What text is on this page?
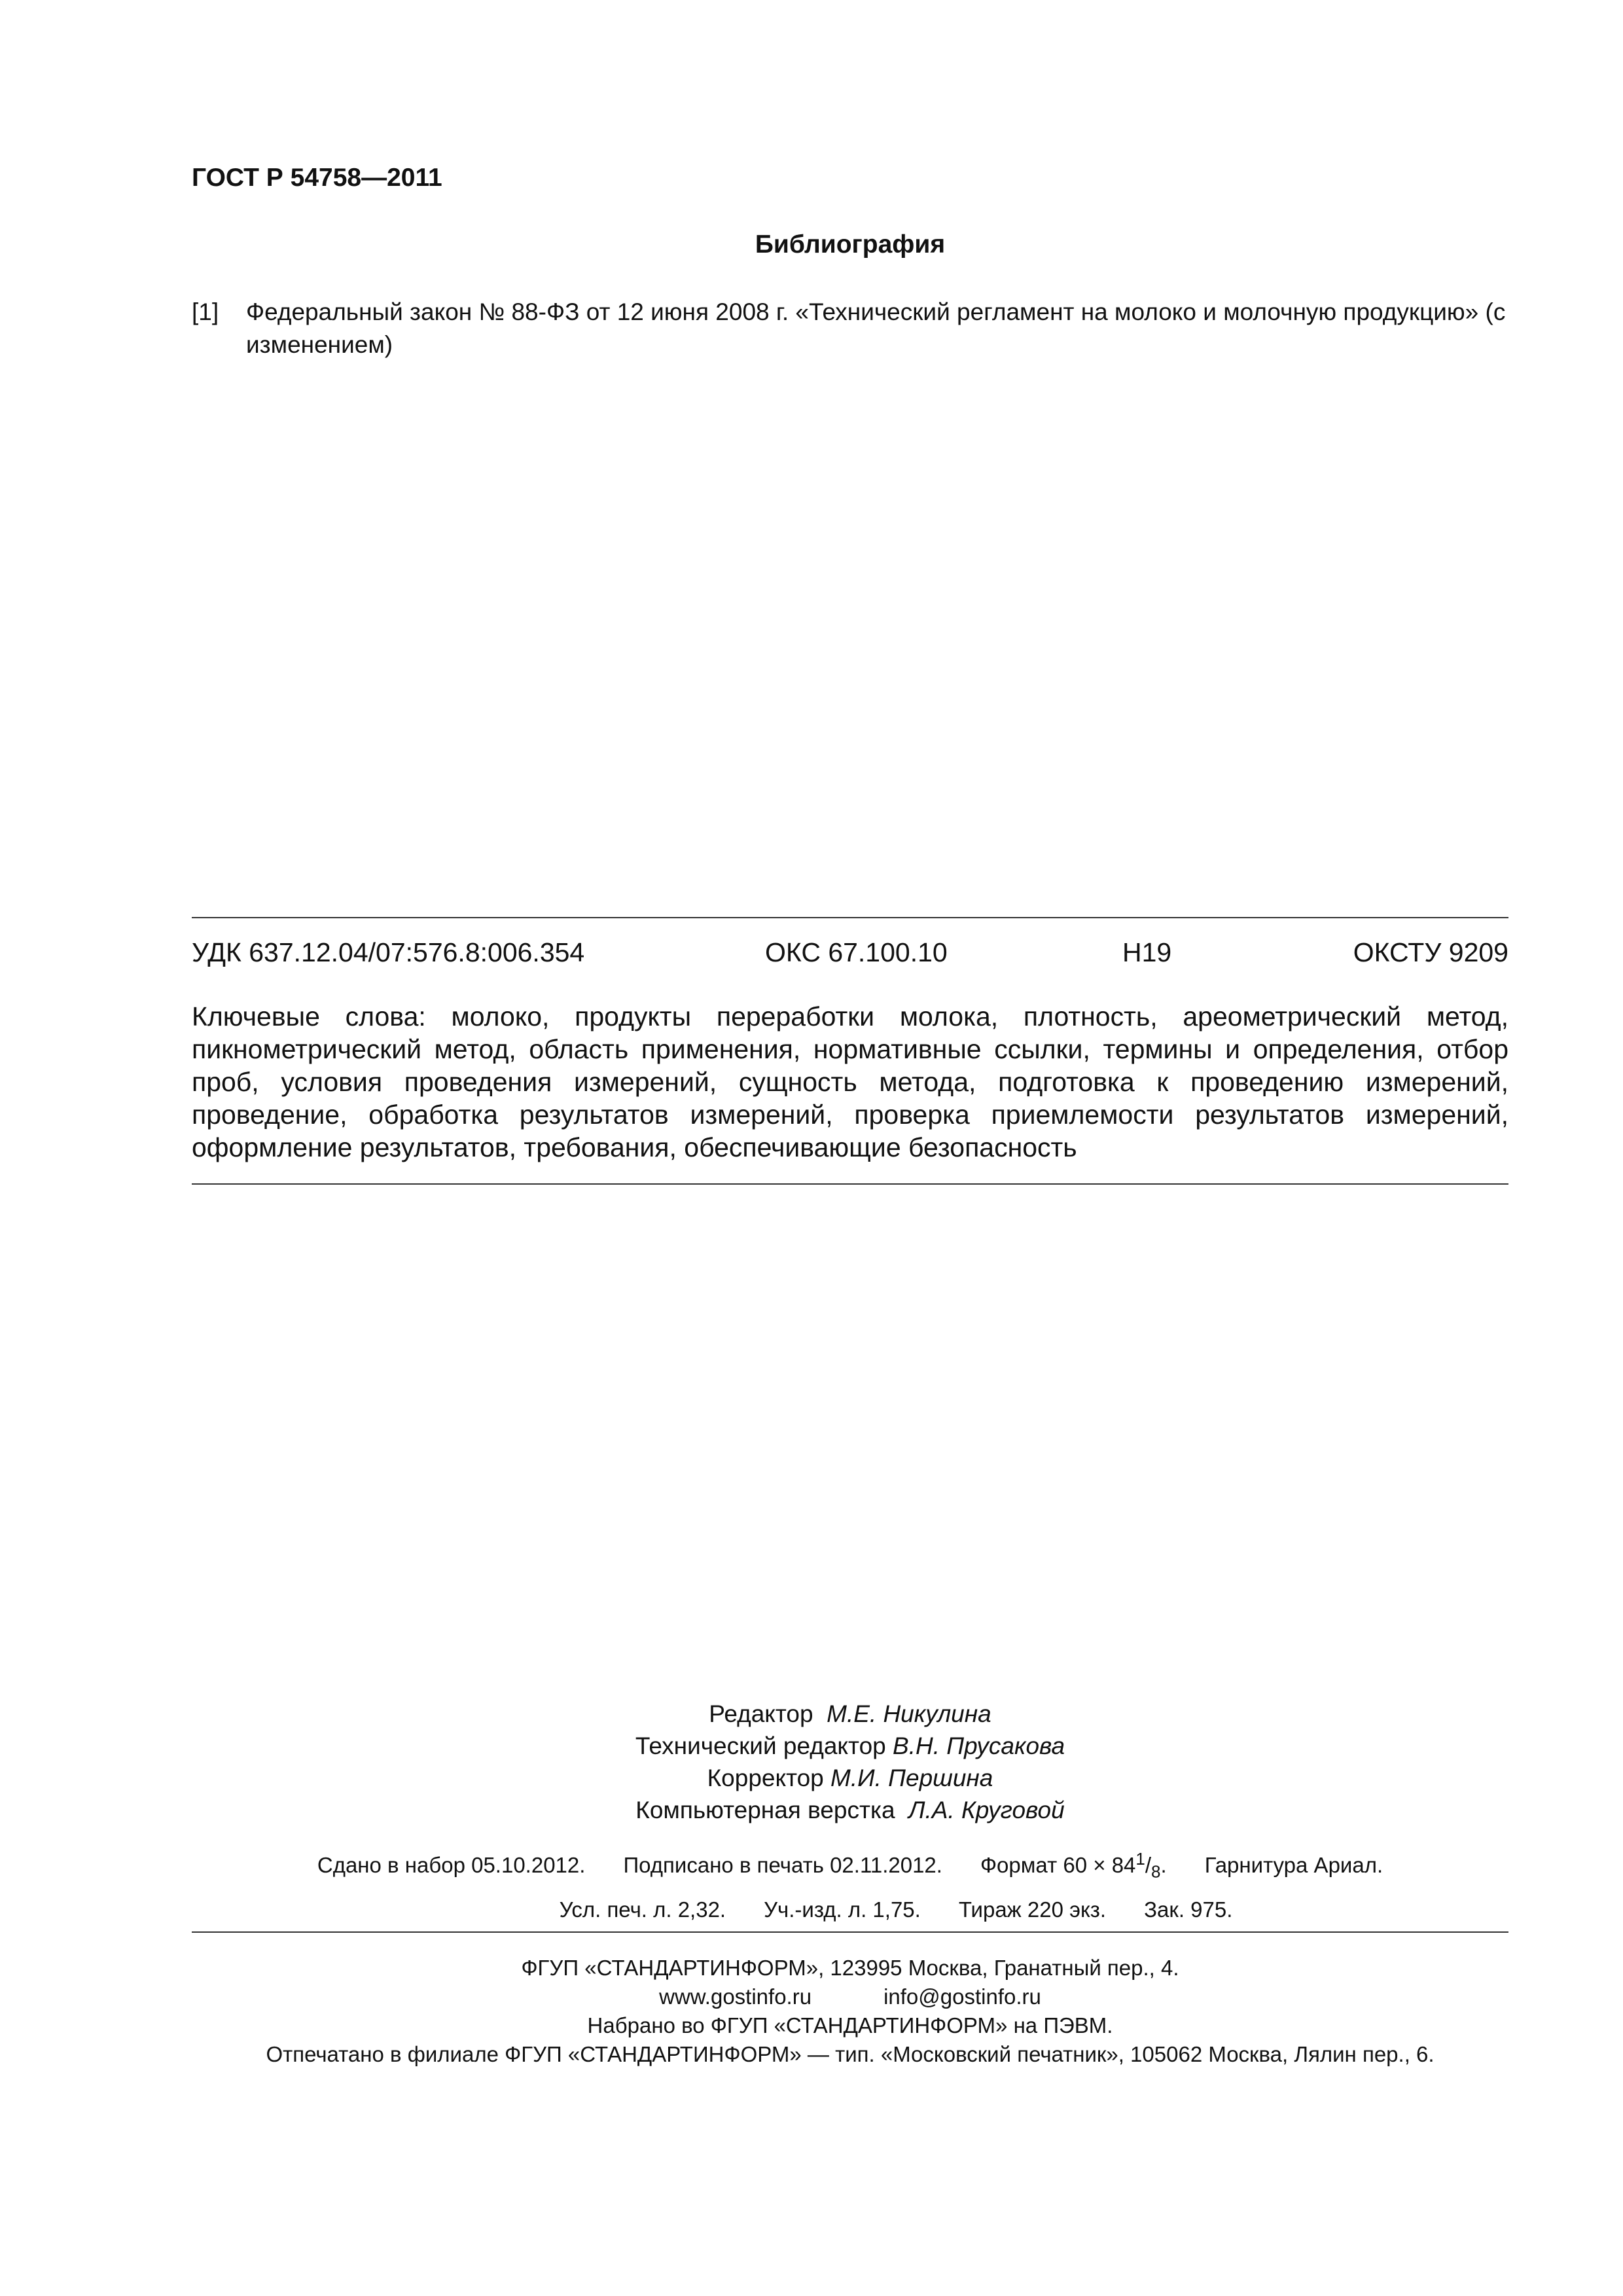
ГОСТ Р 54758—2011
Библиография
[1] Федеральный закон № 88-ФЗ от 12 июня 2008 г. «Технический регламент на молоко и молочную продукцию» (с изменением)
УДК 637.12.04/07:576.8:006.354	ОКС 67.100.10	Н19	ОКСТУ 9209
Ключевые слова: молоко, продукты переработки молока, плотность, ареометрический метод, пикнометрический метод, область применения, нормативные ссылки, термины и определения, отбор проб, условия проведения измерений, сущность метода, подготовка к проведению измерений, проведение, обработка результатов измерений, проверка приемлемости результатов измерений, оформление результатов, требования, обеспечивающие безопасность
Редактор М.Е. Никулина
Технический редактор В.Н. Прусакова
Корректор М.И. Першина
Компьютерная верстка Л.А. Круговой
Сдано в набор 05.10.2012. Подписано в печать 02.11.2012. Формат $60 \times 84^1/_8$. Гарнитура Ариал.
Усл. печ. л. 2,32. Уч.-изд. л. 1,75. Тираж 220 экз. Зак. 975.
ФГУП «СТАНДАРТИНФОРМ», 123995 Москва, Гранатный пер., 4.
www.gostinfo.ru	info@gostinfo.ru
Набрано во ФГУП «СТАНДАРТИНФОРМ» на ПЭВМ.
Отпечатано в филиале ФГУП «СТАНДАРТИНФОРМ» — тип. «Московский печатник», 105062 Москва, Лялин пер., 6.
